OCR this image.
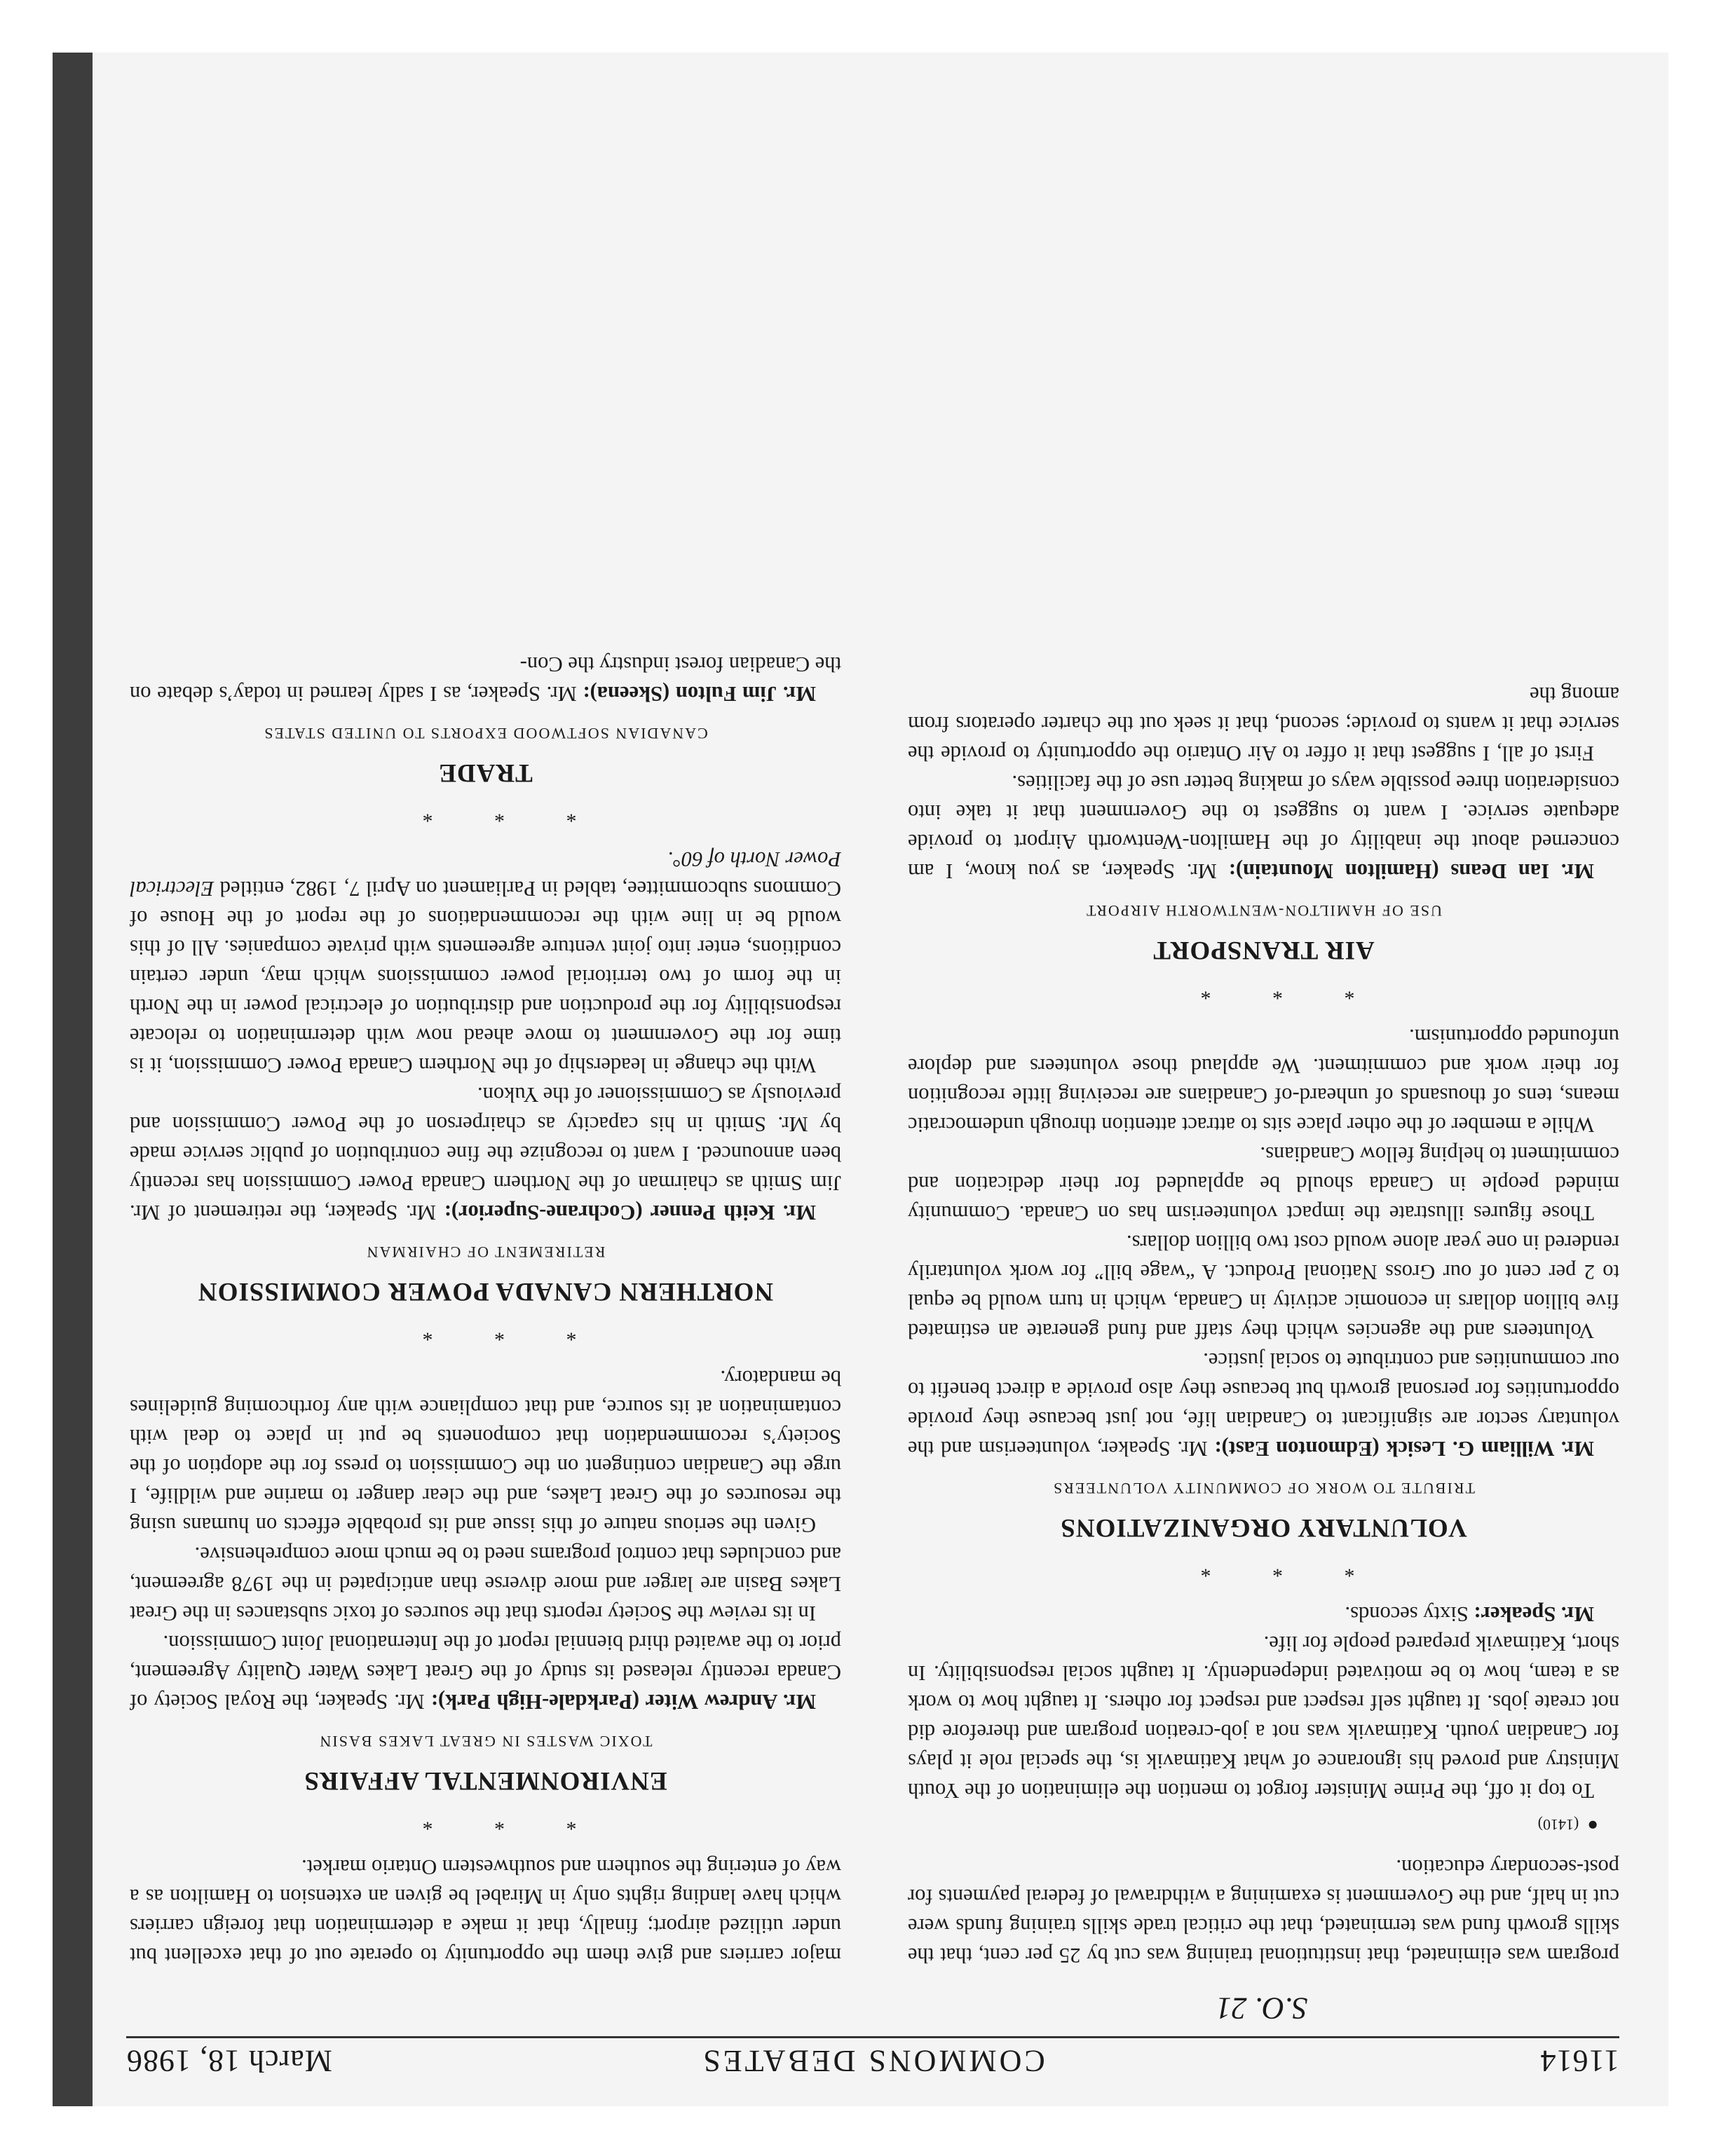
11614
COMMONS DEBATES
March 18, 1986
S.O. 21

program was eliminated, that institutional training was cut by 25 per cent, that the skills growth fund was terminated, that the critical trade skills training funds were cut in half, and the Government is examining a withdrawal of federal payments for post-secondary education.

●(1410)

To top it off, the Prime Minister forgot to mention the elimination of the Youth Ministry and proved his ignorance of what Katimavik is, the special role it plays for Canadian youth. Katimavik was not a job-creation program and therefore did not create jobs. It taught self respect and respect for others. It taught how to work as a team, how to be motivated independently. It taught social responsibility. In short, Katimavik prepared people for life.

Mr. Speaker: Sixty seconds.

* * *
VOLUNTARY ORGANIZATIONS
TRIBUTE TO WORK OF COMMUNITY VOLUNTEERS

Mr. William G. Lesick (Edmonton East): Mr. Speaker, volunteerism and the voluntary sector are significant to Canadian life, not just because they provide opportunities for personal growth but because they also provide a direct benefit to our communities and contribute to social justice.

Volunteers and the agencies which they staff and fund generate an estimated five billion dollars in economic activity in Canada, which in turn would be equal to 2 per cent of our Gross National Product. A “wage bill” for work voluntarily rendered in one year alone would cost two billion dollars.

Those figures illustrate the impact volunteerism has on Canada. Community minded people in Canada should be applauded for their dedication and commitment to helping fellow Canadians.

While a member of the other place sits to attract attention through undemocratic means, tens of thousands of unheard-of Canadians are receiving little recognition for their work and commitment. We applaud those volunteers and deplore unfounded opportunism.

* * *
AIR TRANSPORT
USE OF HAMILTON-WENTWORTH AIRPORT

Mr. Ian Deans (Hamilton Mountain): Mr. Speaker, as you know, I am concerned about the inability of the Hamilton-Wentworth Airport to provide adequate service. I want to suggest to the Government that it take into consideration three possible ways of making better use of the facilities.

First of all, I suggest that it offer to Air Ontario the opportunity to provide the service that it wants to provide; second, that it seek out the charter operators from among the

major carriers and give them the opportunity to operate out of that excellent but under utilized airport; finally, that it make a determination that foreign carriers which have landing rights only in Mirabel be given an extension to Hamilton as a way of entering the southern and southwestern Ontario market.

* * *
ENVIRONMENTAL AFFAIRS
TOXIC WASTES IN GREAT LAKES BASIN

Mr. Andrew Witer (Parkdale-High Park): Mr. Speaker, the Royal Society of Canada recently released its study of the Great Lakes Water Quality Agreement, prior to the awaited third biennial report of the International Joint Commission.

In its review the Society reports that the sources of toxic substances in the Great Lakes Basin are larger and more diverse than anticipated in the 1978 agreement, and concludes that control programs need to be much more comprehensive.

Given the serious nature of this issue and its probable effects on humans using the resources of the Great Lakes, and the clear danger to marine and wildlife, I urge the Canadian contingent on the Commission to press for the adoption of the Society’s recommendation that components be put in place to deal with contamination at its source, and that compliance with any forthcoming guidelines be mandatory.

* * *
NORTHERN CANADA POWER COMMISSION
RETIREMENT OF CHAIRMAN

Mr. Keith Penner (Cochrane-Superior): Mr. Speaker, the retirement of Mr. Jim Smith as chairman of the Northern Canada Power Commission has recently been announced. I want to recognize the fine contribution of public service made by Mr. Smith in his capacity as chairperson of the Power Commission and previously as Commissioner of the Yukon.

With the change in leadership of the Northern Canada Power Commission, it is time for the Government to move ahead now with determination to relocate responsibility for the production and distribution of electrical power in the North in the form of two territorial power commissions which may, under certain conditions, enter into joint venture agreements with private companies. All of this would be in line with the recommendations of the report of the House of Commons subcommittee, tabled in Parliament on April 7, 1982, entitled Electrical Power North of 60°.

* * *
TRADE
CANADIAN SOFTWOOD EXPORTS TO UNITED STATES

Mr. Jim Fulton (Skeena): Mr. Speaker, as I sadly learned in today’s debate on the Canadian forest industry the Con-
